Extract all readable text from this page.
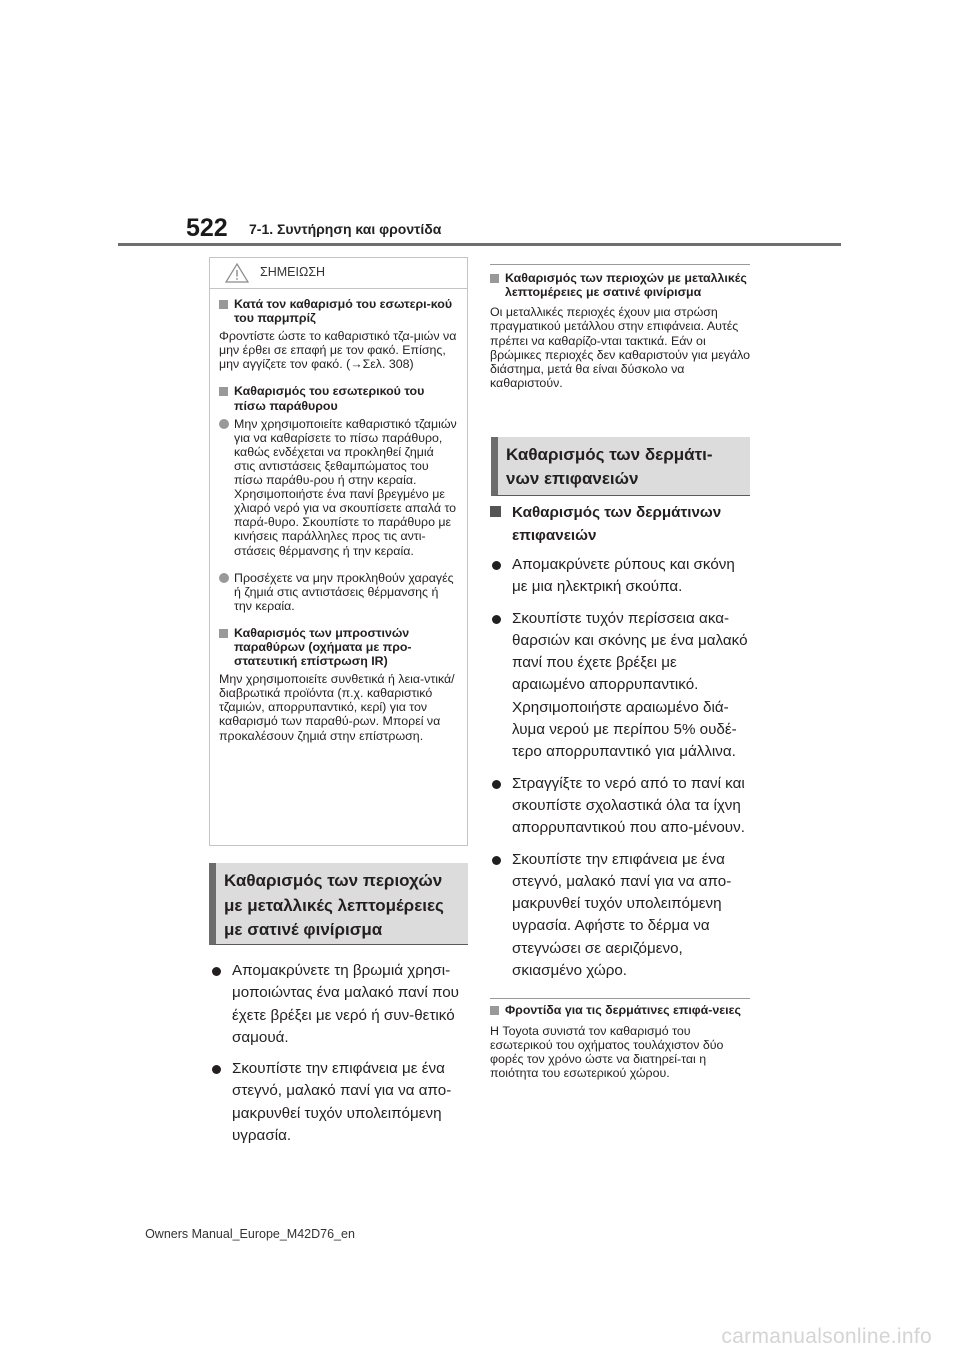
522 7-1. Συντήρηση και φροντίδα
ΣΗΜΕΙΩΣΗ
Κατά τον καθαρισμό του εσωτερι-κού του παρμπρίζ
Φροντίστε ώστε το καθαριστικό τζα-μιών να μην έρθει σε επαφή με τον φακό. Επίσης, μην αγγίζετε τον φακό. (→Σελ. 308)
Καθαρισμός του εσωτερικού του πίσω παράθυρου
Μην χρησιμοποιείτε καθαριστικό τζαμιών για να καθαρίσετε το πίσω παράθυρο, καθώς ενδέχεται να προκληθεί ζημιά στις αντιστάσεις ξεθαμπώματος του πίσω παράθυ-ρου ή στην κεραία. Χρησιμοποιήστε ένα πανί βρεγμένο με χλιαρό νερό για να σκουπίσετε απαλά το παρά-θυρο. Σκουπίστε το παράθυρο με κινήσεις παράλληλες προς τις αντι-στάσεις θέρμανσης ή την κεραία.
Προσέχετε να μην προκληθούν χαραγές ή ζημιά στις αντιστάσεις θέρμανσης ή την κεραία.
Καθαρισμός των μπροστινών παραθύρων (οχήματα με προ-στατευτική επίστρωση IR)
Μην χρησιμοποιείτε συνθετικά ή λεια-ντικά/διαβρωτικά προϊόντα (π.χ. καθαριστικό τζαμιών, απορρυπαντικό, κερί) για τον καθαρισμό των παραθύ-ρων. Μπορεί να προκαλέσουν ζημιά στην επίστρωση.
Καθαρισμός των περιοχών
με μεταλλικές λεπτομέρειες
με σατινέ φινίρισμα
Απομακρύνετε τη βρωμιά χρησι-μοποιώντας ένα μαλακό πανί που έχετε βρέξει με νερό ή συν-θετικό σαμουά.
Σκουπίστε την επιφάνεια με ένα στεγνό, μαλακό πανί για να απο-μακρυνθεί τυχόν υπολειπόμενη υγρασία.
Καθαρισμός των περιοχών με μεταλλικές λεπτομέρειες με σατινέ φινίρισμα
Οι μεταλλικές περιοχές έχουν μια στρώση πραγματικού μετάλλου στην επιφάνεια. Αυτές πρέπει να καθαρίζο-νται τακτικά. Εάν οι βρώμικες περιοχές δεν καθαριστούν για μεγάλο διάστημα, μετά θα είναι δύσκολο να καθαριστούν.
Καθαρισμός των δερμάτι-
νων επιφανειών
Καθαρισμός των δερμάτινων επιφανειών
Απομακρύνετε ρύπους και σκόνη με μια ηλεκτρική σκούπα.
Σκουπίστε τυχόν περίσσεια ακα-θαρσιών και σκόνης με ένα μαλακό πανί που έχετε βρέξει με αραιωμένο απορρυπαντικό. Χρησιμοποιήστε αραιωμένο διά-λυμα νερού με περίπου 5% ουδέ-τερο απορρυπαντικό για μάλλινα.
Στραγγίξτε το νερό από το πανί και σκουπίστε σχολαστικά όλα τα ίχνη απορρυπαντικού που απο-μένουν.
Σκουπίστε την επιφάνεια με ένα στεγνό, μαλακό πανί για να απο-μακρυνθεί τυχόν υπολειπόμενη υγρασία. Αφήστε το δέρμα να στεγνώσει σε αεριζόμενο, σκιασμένο χώρο.
Φροντίδα για τις δερμάτινες επιφά-νειες
Η Toyota συνιστά τον καθαρισμό του εσωτερικού του οχήματος τουλάχιστον δύο φορές τον χρόνο ώστε να διατηρεί-ται η ποιότητα του εσωτερικού χώρου.
Owners Manual_Europe_M42D76_en
carmanualsonline.info
